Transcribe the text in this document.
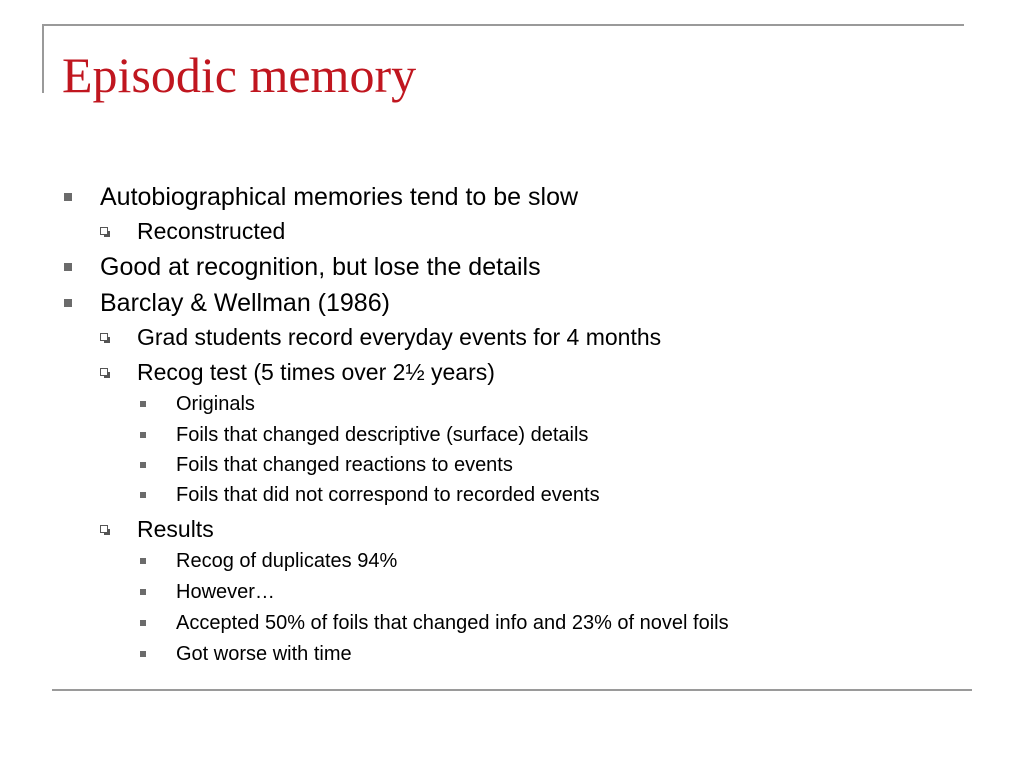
Episodic memory
Autobiographical memories tend to be slow
Reconstructed
Good at recognition, but lose the details
Barclay & Wellman (1986)
Grad students record everyday events for 4 months
Recog test (5 times over 2½ years)
Originals
Foils that changed descriptive (surface) details
Foils that changed reactions to events
Foils that did not correspond to recorded events
Results
Recog of duplicates 94%
However…
Accepted 50% of foils that changed info and 23% of novel foils
Got worse with time
